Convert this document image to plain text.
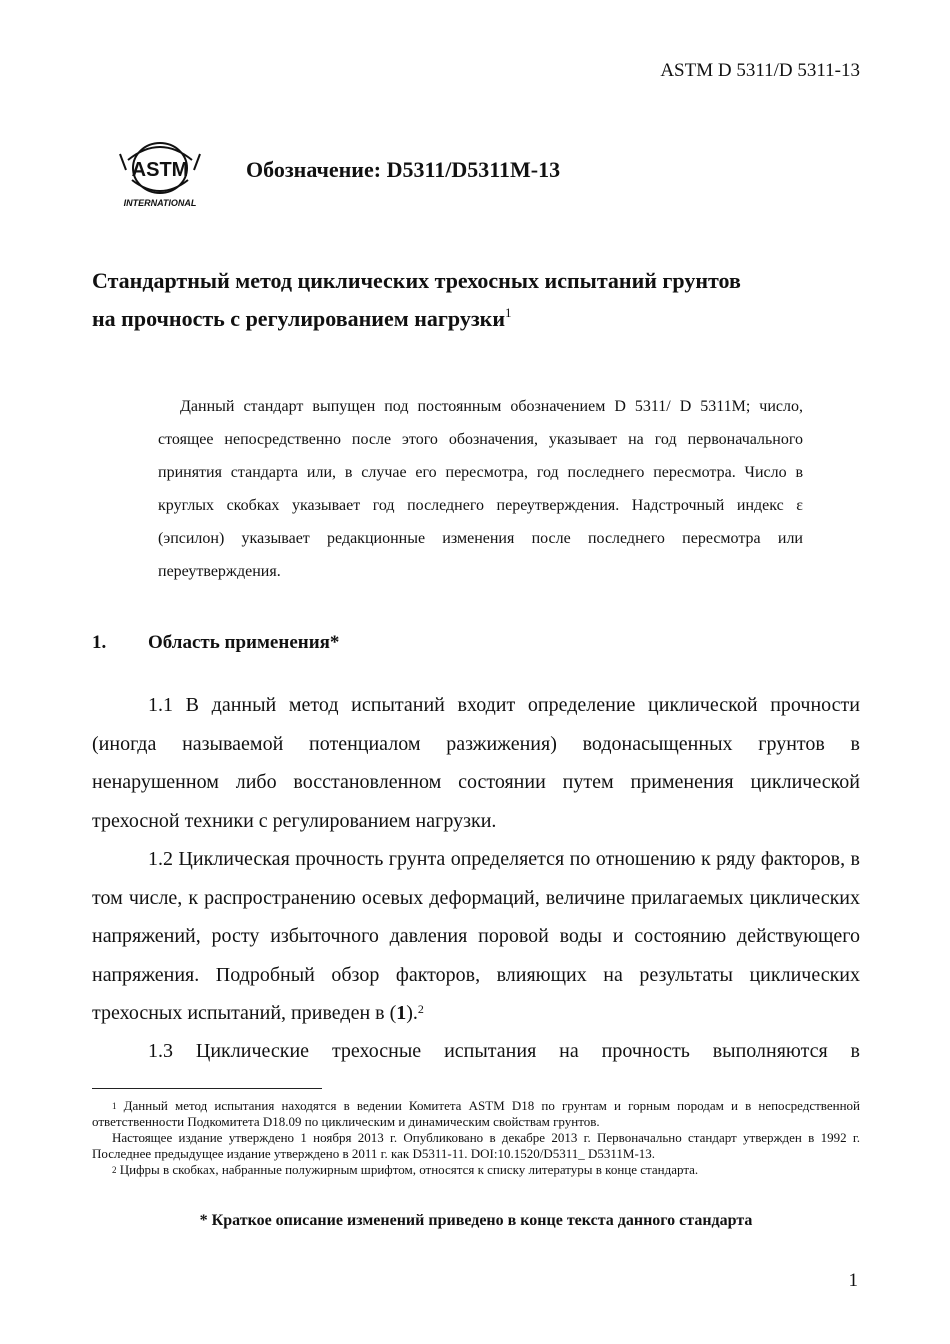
ASTM D 5311/D 5311-13
ASTM
INTERNATIONAL
Обозначение: D5311/D5311M-13
Стандартный метод циклических трехосных испытаний грунтов
на прочность с регулированием нагрузки$^1$
Данный стандарт выпущен под постоянным обозначением D 5311/ D 5311M; число, стоящее непосредственно после этого обозначения, указывает на год первоначального принятия стандарта или, в случае его пересмотра, год последнего пересмотра. Число в круглых скобках указывает год последнего переутверждения. Надстрочный индекс ε (эпсилон) указывает редакционные изменения после последнего пересмотра или переутверждения.
1. Область применения*
1.1 В данный метод испытаний входит определение циклической прочности (иногда называемой потенциалом разжижения) водонасыщенных грунтов в ненарушенном либо восстановленном состоянии путем применения циклической трехосной техники с регулированием нагрузки.
1.2 Циклическая прочность грунта определяется по отношению к ряду факторов, в том числе, к распространению осевых деформаций, величине прилагаемых циклических напряжений, росту избыточного давления поровой воды и состоянию действующего напряжения. Подробный обзор факторов, влияющих на результаты циклических трехосных испытаний, приведен в (1).$^2$
1.3 Циклические трехосные испытания на прочность выполняются в

$^1$ Данный метод испытания находятся в ведении Комитета ASTM D18 по грунтам и горным породам и в непосредственной ответственности Подкомитета D18.09 по циклическим и динамическим свойствам грунтов.

Настоящее издание утверждено 1 ноября 2013 г. Опубликовано в декабре 2013 г. Первоначально стандарт утвержден в 1992 г. Последнее предыдущее издание утверждено в 2011 г. как D5311-11. DOI:10.1520/D5311_ D5311M-13.

$^2$ Цифры в скобках, набранные полужирным шрифтом, относятся к списку литературы в конце стандарта.

* Краткое описание изменений приведено в конце текста данного стандарта
1
